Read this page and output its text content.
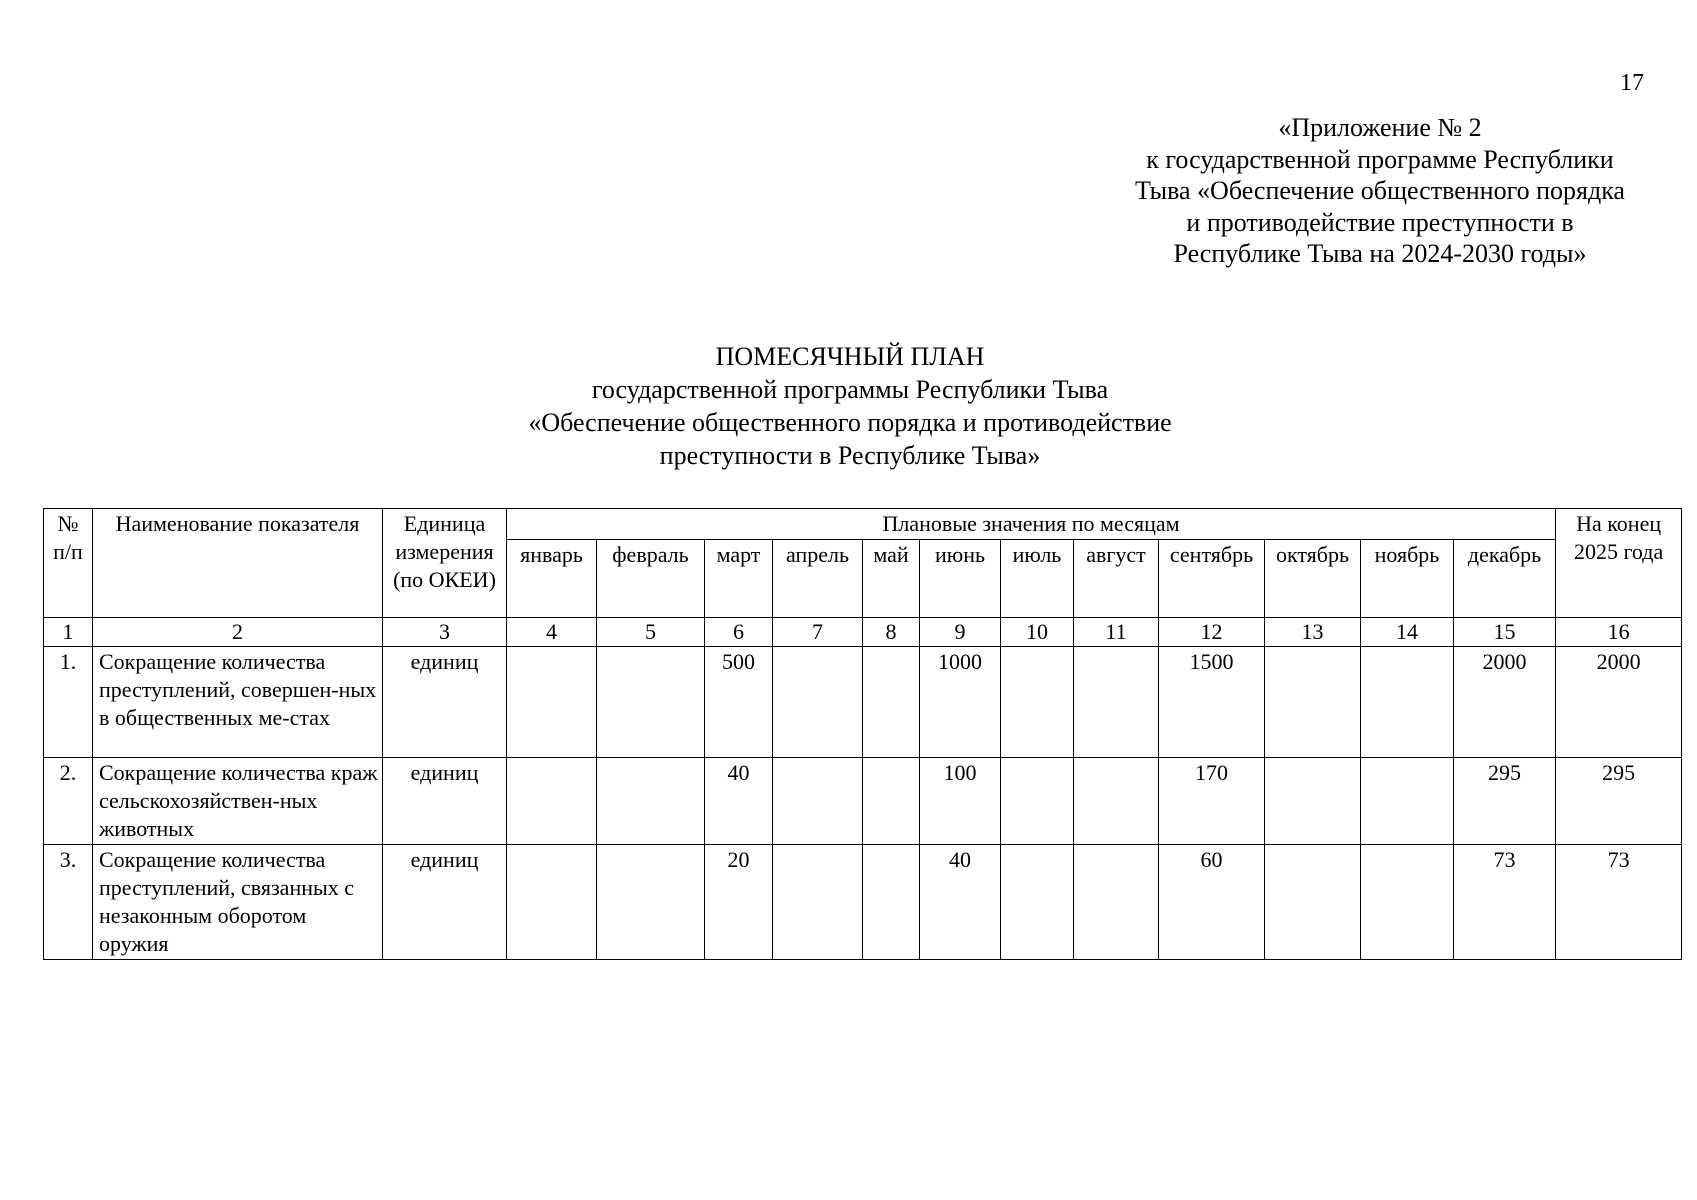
17
«Приложение № 2
к государственной программе Республики
Тыва «Обеспечение общественного порядка
и противодействие преступности в
Республике Тыва на 2024-2030 годы»
ПОМЕСЯЧНЫЙ ПЛАН
государственной программы Республики Тыва
«Обеспечение общественного порядка и противодействие
преступности в Республике Тыва»
№ п/п	Наименование показателя	Единица измерения (по ОКЕИ)	Плановые значения по месяцам												На конец 2025 года
			январь	февраль	март	апрель	май	июнь	июль	август	сентябрь	октябрь	ноябрь	декабрь	
1	2	3	4	5	6	7	8	9	10	11	12	13	14	15	16
1.	Сокращение количества преступлений, совершен-ных в общественных ме-стах	единиц			500			1000			1500			2000	2000
2.	Сокращение количества краж сельскохозяйствен-ных животных	единиц			40			100			170			295	295
3.	Сокращение количества преступлений, связанных с незаконным оборотом оружия	единиц			20			40			60			73	73
